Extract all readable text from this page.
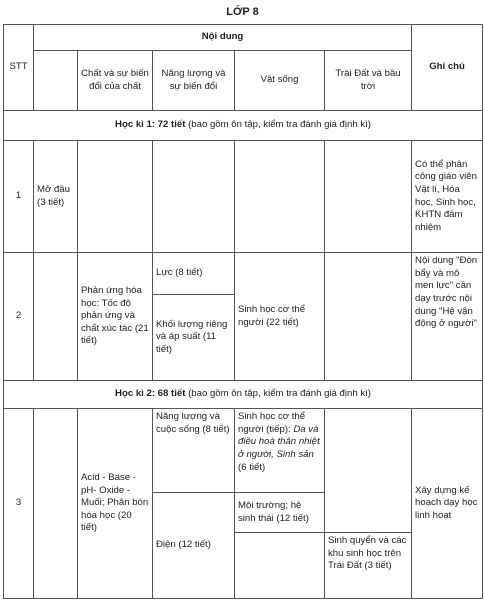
LỚP 8
STT	Nội dung					Ghi chú
		Chất và sự biến đổi của chất	Năng lượng và sự biến đổi	Vật sống	Trái Đất và bầu trời	
Học kì 1: 72 tiết (bao gồm ôn tập, kiểm tra đánh giá định kì)						
1	Mở đầu (3 tiết)					Có thể phân công giáo viên Vật lí, Hóa học, Sinh học, KHTN đảm nhiệm
2		Phản ứng hóa học: Tốc độ phản ứng và chất xúc tác (21 tiết)	Lực (8 tiết)	Sinh học cơ thể người (22 tiết)		Nội dung "Đòn bẩy và mô men lực" cần dạy trước nội dung "Hệ vận động ở người"
			Khối lượng riêng và áp suất (11 tiết)			
Học kì 2: 68 tiết (bao gồm ôn tập, kiểm tra đánh giá định kì)						
3		Acid - Base - pH- Oxide - Muối; Phân bón hóa học (20 tiết)	Năng lượng và cuộc sống (8 tiết)	Sinh học cơ thể người (tiếp): Da và điều hoà thân nhiệt ở người, Sinh sản (6 tiết)		Xây dựng kế hoạch dạy học linh hoạt
			Điện (12 tiết)	Môi trường; hệ sinh thái (12 tiết)		
					Sinh quyển và các khu sinh học trên Trái Đất (3 tiết)	
